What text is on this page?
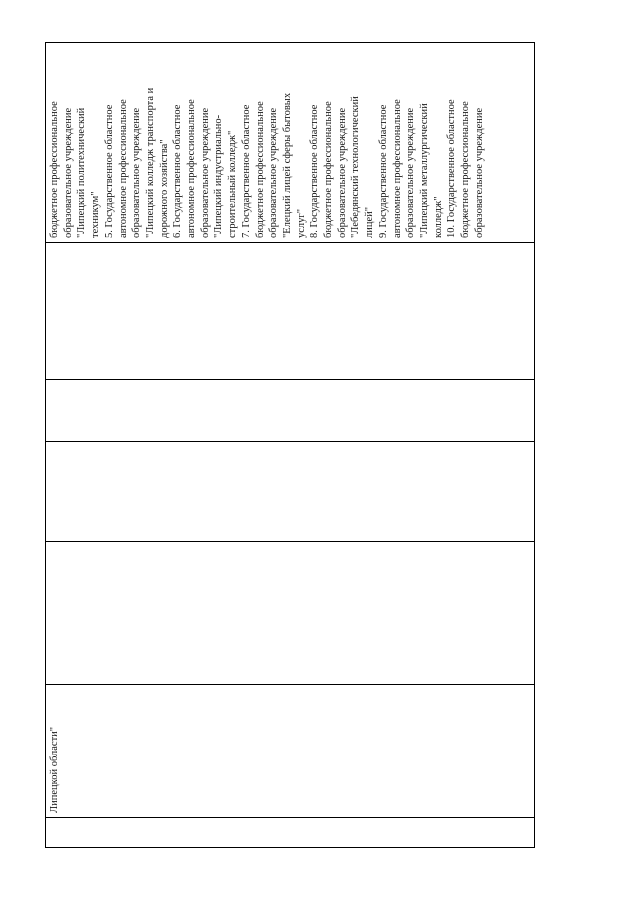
	Липецкой области"					бюджетное профессиональное
образовательное учреждение
"Липецкий политехнический
техникум"
5. Государственное областное
автономное профессиональное
образовательное учреждение
"Липецкий колледж транспорта и
дорожного хозяйства"
6. Государственное областное
автономное профессиональное
образовательное учреждение
"Липецкий индустриально-
строительный колледж"
7. Государственное областное
бюджетное профессиональное
образовательное учреждение
"Елецкий лицей сферы бытовых
услуг"
8. Государственное областное
бюджетное профессиональное
образовательное учреждение
"Лебедянский технологический
лицей"
9. Государственное областное
автономное профессиональное
образовательное учреждение
"Липецкий металлургический
колледж"
10. Государственное областное
бюджетное профессиональное
образовательное учреждение
